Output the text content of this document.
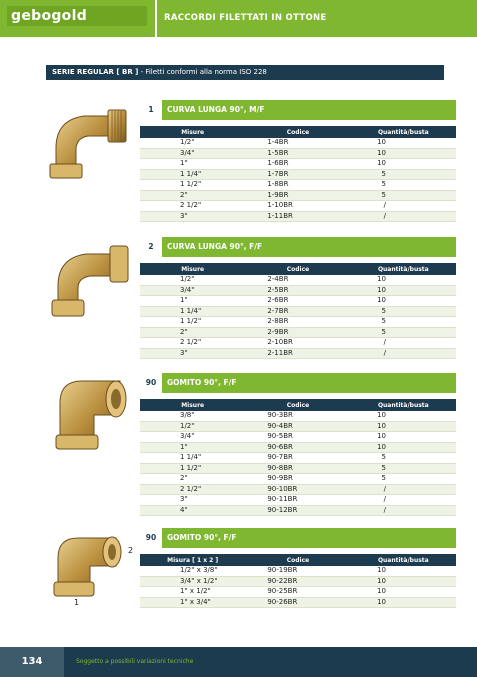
gebogold	RACCORDI FILETTATI IN OTTONE
SERIE REGULAR [ BR ] - Filetti conformi alla norma ISO 228
2
1
1	CURVA LUNGA 90°, M/F
Misure	Codice	Quantità/busta
1/2"	1-4BR	10
3/4"	1-5BR	10
1"	1-6BR	10
1 1/4"	1-7BR	5
1 1/2"	1-8BR	5
2"	1-9BR	5
2 1/2"	1-10BR	/
3"	1-11BR	/
2	CURVA LUNGA 90°, F/F
Misure	Codice	Quantità/busta
1/2"	2-4BR	10
3/4"	2-5BR	10
1"	2-6BR	10
1 1/4"	2-7BR	5
1 1/2"	2-8BR	5
2"	2-9BR	5
2 1/2"	2-10BR	/
3"	2-11BR	/
90	GOMITO 90°, F/F
Misure	Codice	Quantità/busta
3/8"	90-3BR	10
1/2"	90-4BR	10
3/4"	90-5BR	10
1"	90-6BR	10
1 1/4"	90-7BR	5
1 1/2"	90-8BR	5
2"	90-9BR	5
2 1/2"	90-10BR	/
3"	90-11BR	/
4"	90-12BR	/
90	GOMITO 90°, F/F
Misura [ 1 x 2 ]	Codice	Quantità/busta
1/2" x 3/8"	90-19BR	10
3/4" x 1/2"	90-22BR	10
1" x 1/2"	90-25BR	10
1" x 3/4"	90-26BR	10
134	Soggetto a possibili variazioni tecniche
